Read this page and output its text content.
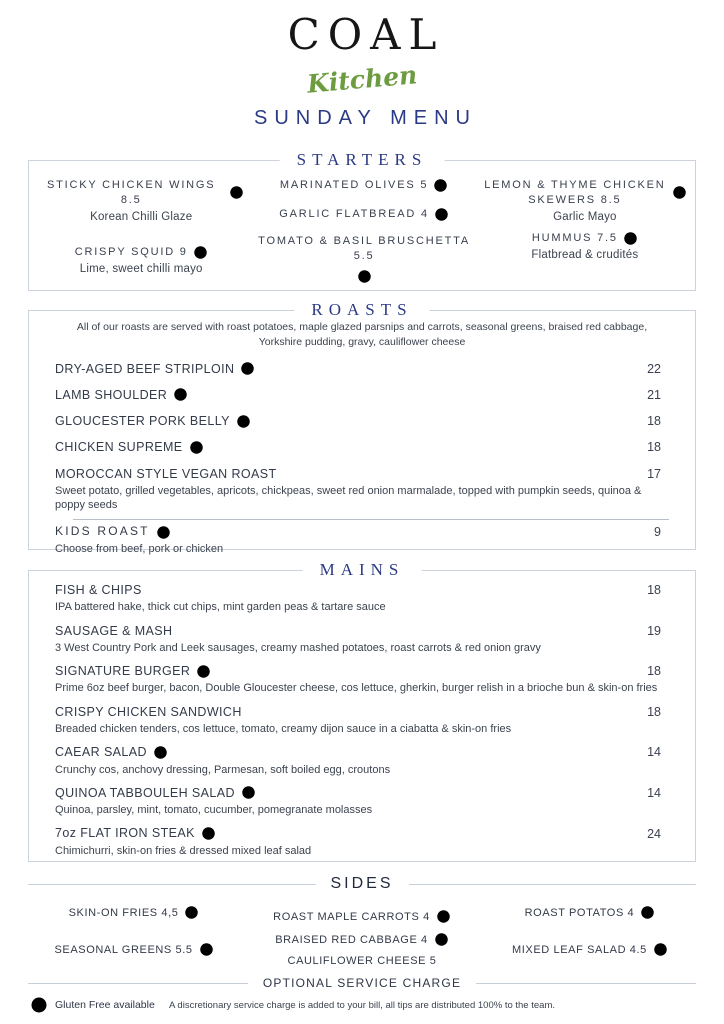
COAL

Kitchen
SUNDAY MENU
STARTERS
STICKY CHICKEN WINGS 8.5
Korean Chilli Glaze
CRISPY SQUID 9
Lime, sweet chilli mayo
MARINATED OLIVES 5
GARLIC FLATBREAD 4
TOMATO & BASIL BRUSCHETTA 5.5
LEMON & THYME CHICKEN SKEWERS 8.5
Garlic Mayo
HUMMUS 7.5
Flatbread & crudités
ROASTS

All of our roasts are served with roast potatoes, maple glazed parsnips and carrots, seasonal greens, braised red cabbage, Yorkshire pudding, gravy, cauliflower cheese

DRY-AGED BEEF STRIPLOIN	22
LAMB SHOULDER	21
GLOUCESTER PORK BELLY	18
CHICKEN SUPREME	18
MOROCCAN STYLE VEGAN ROAST	17
Sweet potato, grilled vegetables, apricots, chickpeas, sweet red onion marmalade, topped with pumpkin seeds, quinoa & poppy seeds
KIDS ROAST	9
Choose from beef, pork or chicken
MAINS
FISH & CHIPS	18
IPA battered hake, thick cut chips, mint garden peas & tartare sauce
SAUSAGE & MASH	19
3 West Country Pork and Leek sausages, creamy mashed potatoes, roast carrots & red onion gravy
SIGNATURE BURGER	18
Prime 6oz beef burger, bacon, Double Gloucester cheese, cos lettuce, gherkin, burger relish in a brioche bun & skin-on fries
CRISPY CHICKEN SANDWICH	18
Breaded chicken tenders, cos lettuce, tomato, creamy dijon sauce in a ciabatta & skin-on fries
CAEAR SALAD	14
Crunchy cos, anchovy dressing, Parmesan, soft boiled egg, croutons
QUINOA TABBOULEH SALAD	14
Quinoa, parsley, mint, tomato, cucumber, pomegranate molasses
7oz FLAT IRON STEAK	24
Chimichurri, skin-on fries & dressed mixed leaf salad
SIDES
SKIN-ON FRIES 4,5
SEASONAL GREENS 5.5
ROAST MAPLE CARROTS 4
BRAISED RED CABBAGE 4
CAULIFLOWER CHEESE 5
ROAST POTATOS 4
MIXED LEAF SALAD 4.5
OPTIONAL SERVICE CHARGE
Gluten Free available	A discretionary service charge is added to your bill, all tips are distributed 100% to the team.
